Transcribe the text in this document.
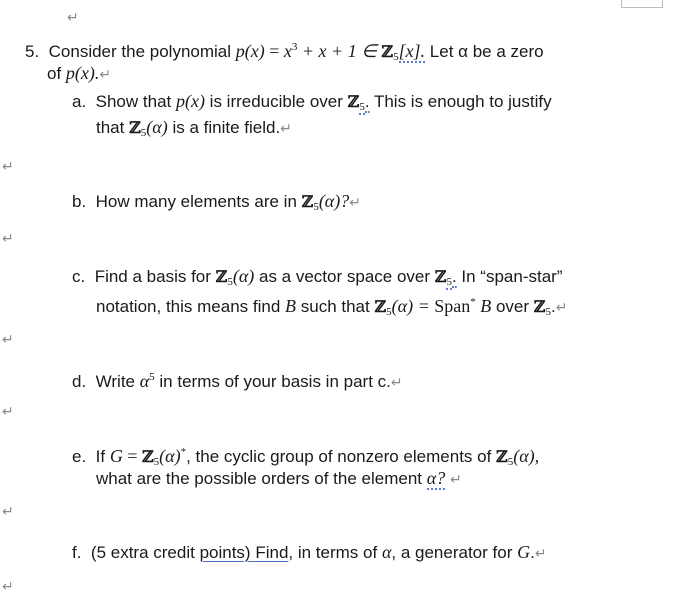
↵
5. Consider the polynomial $p(x) = x^3 + x + 1$ ∈ ℤ$_5$[x]. Let α be a zero
of p(x).↵
a. Show that p(x) is irreducible over ℤ$_5$. This is enough to justify
that ℤ$_5$(α) is a finite field.↵
↵
b. How many elements are in ℤ$_5$(α)?↵
↵
c. Find a basis for ℤ$_5$(α) as a vector space over ℤ$_5$. In “span-star”
notation, this means find B such that ℤ$_5$(α) = Span* B over ℤ$_5$.↵
↵
d. Write $\alpha^5$ in terms of your basis in part c.↵
↵
e. If G = ℤ$_5$(α)*, the cyclic group of nonzero elements of ℤ$_5$(α),
what are the possible orders of the element α? ↵
↵
f. (5 extra credit points) Find, in terms of α, a generator for G.↵
↵
